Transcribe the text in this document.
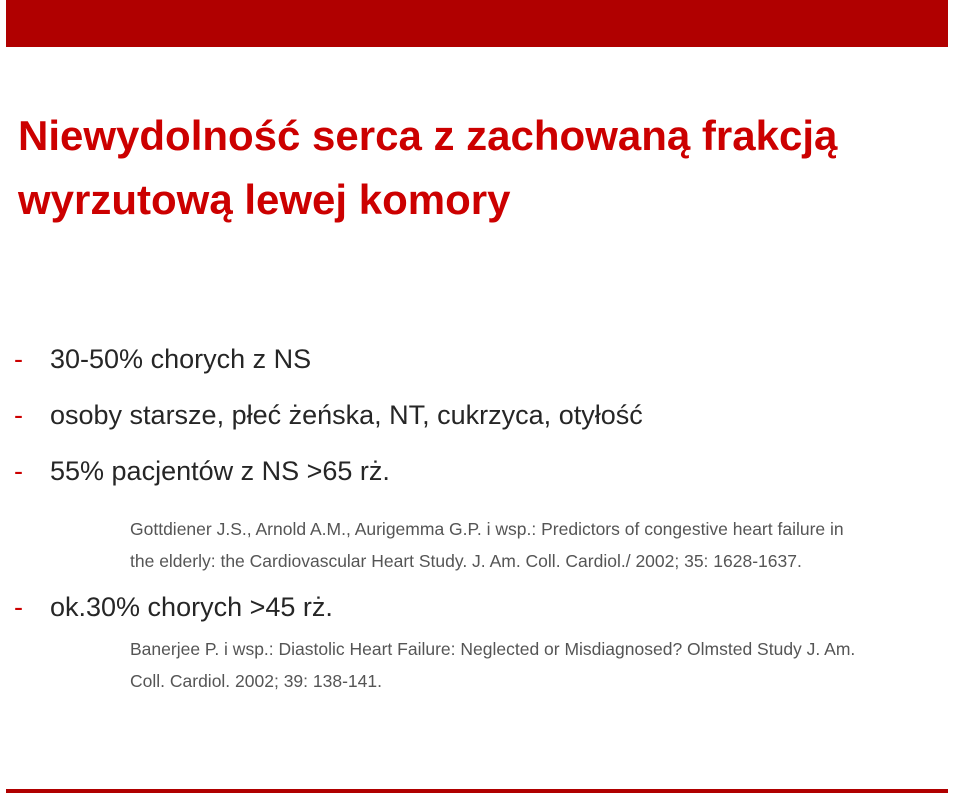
Niewydolność serca z zachowaną frakcją
wyrzutową lewej komory
- 30-50% chorych z NS
- osoby starsze, płeć żeńska, NT, cukrzyca, otyłość
- 55% pacjentów z NS >65 rż.
Gottdiener J.S., Arnold A.M., Aurigemma G.P. i wsp.: Predictors of congestive heart failure in
the elderly: the Cardiovascular Heart Study. J. Am. Coll. Cardiol./ 2002; 35: 1628-1637.
- ok.30% chorych >45 rż.
Banerjee P. i wsp.: Diastolic Heart Failure: Neglected or Misdiagnosed? Olmsted Study J. Am.
Coll. Cardiol. 2002; 39: 138-141.
